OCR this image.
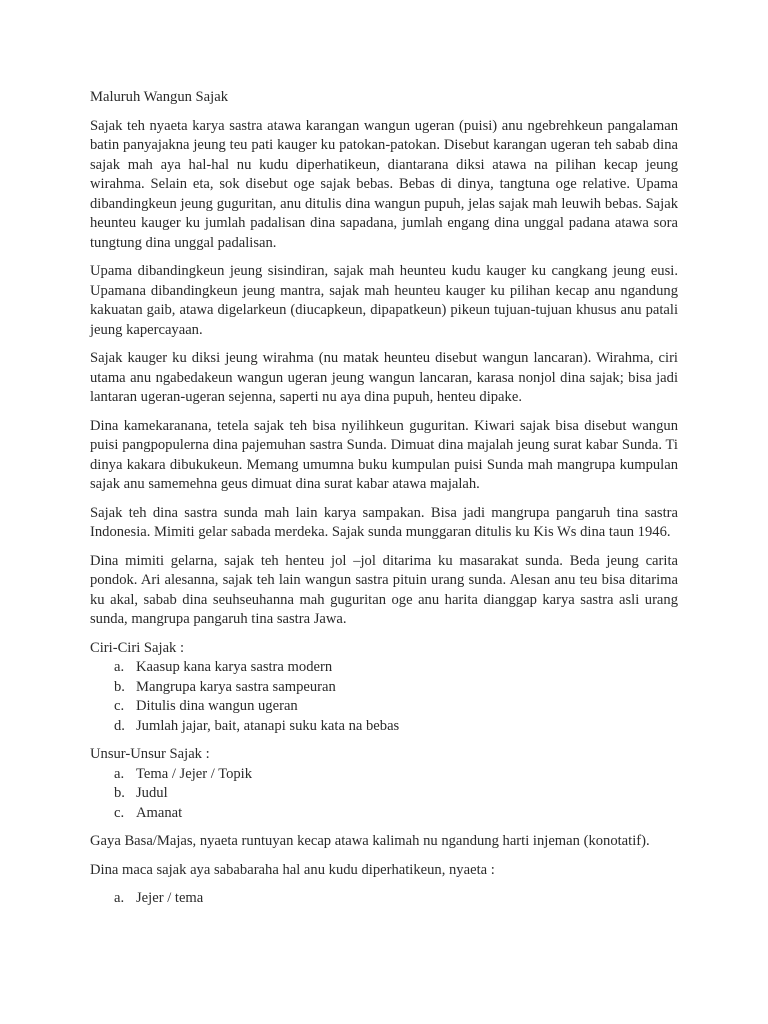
Maluruh Wangun Sajak

Sajak teh nyaeta karya sastra atawa karangan wangun ugeran (puisi) anu ngebrehkeun pangalaman batin panyajakna jeung teu pati kauger ku patokan-patokan. Disebut karangan ugeran teh sabab dina sajak mah aya hal-hal nu kudu diperhatikeun, diantarana diksi atawa na pilihan kecap jeung wirahma. Selain eta, sok disebut oge sajak bebas. Bebas di dinya, tangtuna oge relative. Upama dibandingkeun jeung guguritan, anu ditulis dina wangun pupuh, jelas sajak mah leuwih bebas. Sajak heunteu kauger ku jumlah padalisan dina sapadana, jumlah engang dina unggal padana atawa sora tungtung dina unggal padalisan.

Upama dibandingkeun jeung sisindiran, sajak mah heunteu kudu kauger ku cangkang jeung eusi. Upamana dibandingkeun jeung mantra, sajak mah heunteu kauger ku pilihan kecap anu ngandung kakuatan gaib, atawa digelarkeun (diucapkeun, dipapatkeun) pikeun tujuan-tujuan khusus anu patali jeung kapercayaan.

Sajak kauger ku diksi jeung wirahma (nu matak heunteu disebut wangun lancaran). Wirahma, ciri utama anu ngabedakeun wangun ugeran jeung wangun lancaran, karasa nonjol dina sajak; bisa jadi lantaran ugeran-ugeran sejenna, saperti nu aya dina pupuh, henteu dipake.

Dina kamekaranana, tetela sajak teh bisa nyilihkeun guguritan. Kiwari sajak bisa disebut wangun puisi pangpopulerna dina pajemuhan sastra Sunda. Dimuat dina majalah jeung surat kabar Sunda. Ti dinya kakara dibukukeun. Memang umumna buku kumpulan puisi Sunda mah mangrupa kumpulan sajak anu samemehna geus dimuat dina surat kabar atawa majalah.

Sajak teh dina sastra sunda mah lain karya sampakan. Bisa jadi mangrupa pangaruh tina sastra Indonesia. Mimiti gelar sabada merdeka. Sajak sunda munggaran ditulis ku Kis Ws dina taun 1946.

Dina mimiti gelarna, sajak teh henteu jol –jol ditarima ku masarakat sunda. Beda jeung carita pondok. Ari alesanna, sajak teh lain wangun sastra pituin urang sunda. Alesan anu teu bisa ditarima ku akal, sabab dina seuhseuhanna mah guguritan oge anu harita dianggap karya sastra asli urang sunda, mangrupa pangaruh tina sastra Jawa.

Ciri-Ciri Sajak :

a. Kaasup kana karya sastra modern
b. Mangrupa karya sastra sampeuran
c. Ditulis dina wangun ugeran
d. Jumlah jajar, bait, atanapi suku kata na bebas

Unsur-Unsur Sajak :

a. Tema / Jejer / Topik
b. Judul
c. Amanat

Gaya Basa/Majas, nyaeta runtuyan kecap atawa kalimah nu ngandung harti injeman (konotatif).

Dina maca sajak aya sababaraha hal anu kudu diperhatikeun, nyaeta :

a. Jejer / tema
